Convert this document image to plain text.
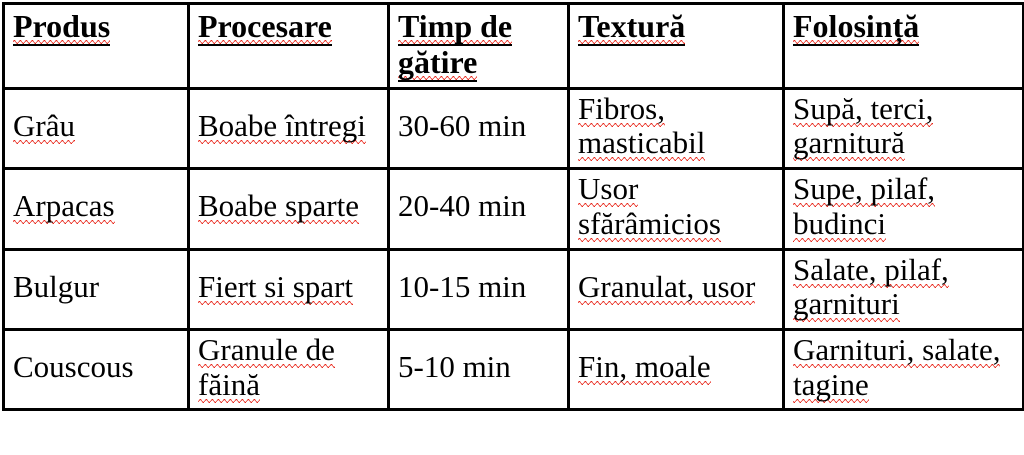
Produs	Procesare	Timp de gătire	Textură	Folosință
Grâu	Boabe întregi	30-60 min	Fibros, masticabil	Supă, terci, garnitură
Arpacas	Boabe sparte	20-40 min	Usor sfărâmicios	Supe, pilaf, budinci
Bulgur	Fiert si spart	10-15 min	Granulat, usor	Salate, pilaf, garnituri
Couscous	Granule de făină	5-10 min	Fin, moale	Garnituri, salate, tagine
